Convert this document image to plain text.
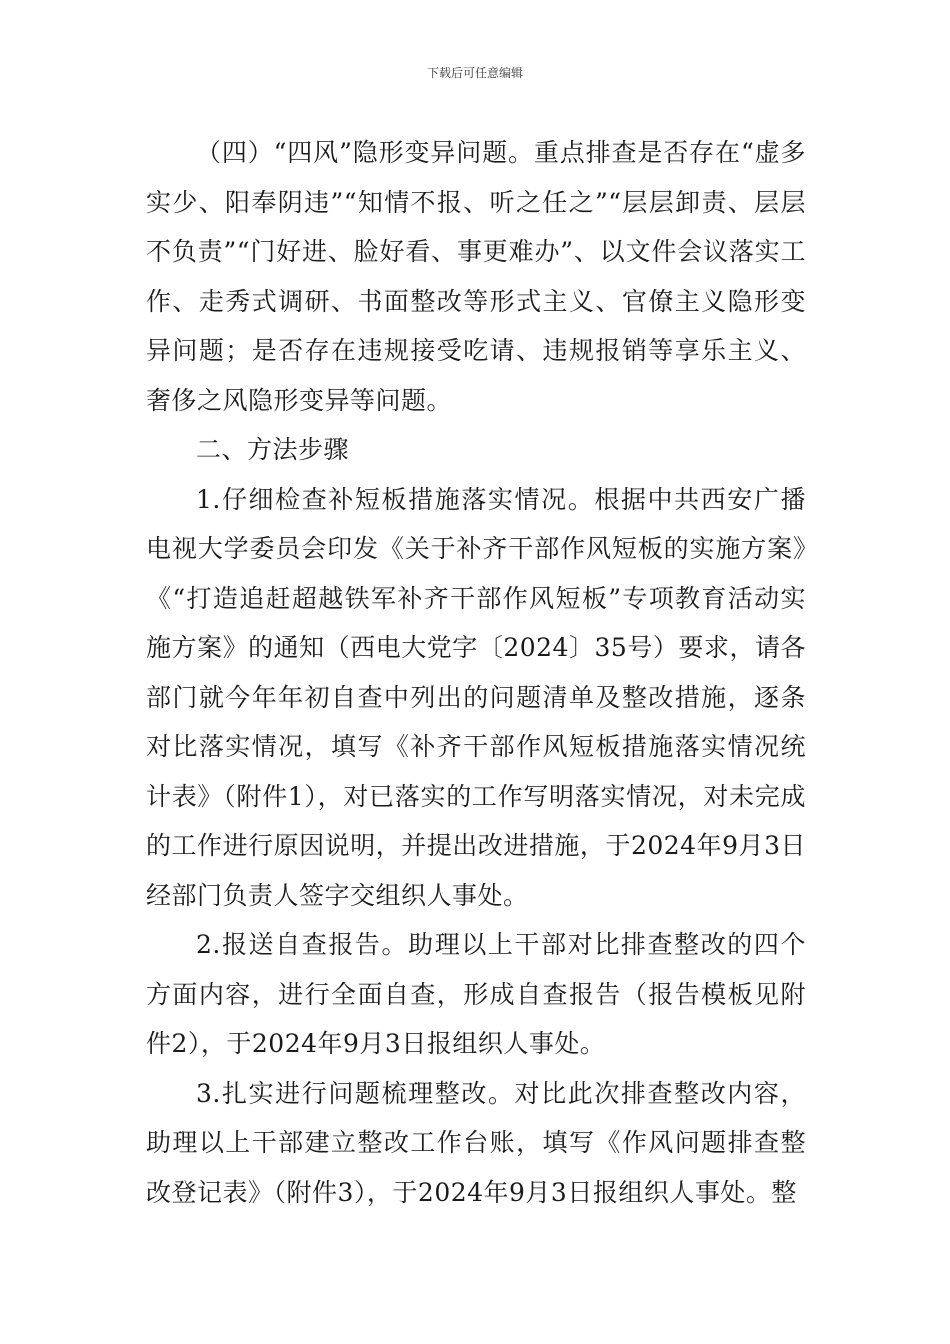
下载后可任意编辑

（四）“四风”隐形变异问题。重点排查是否存在“虚多实少、阳奉阴违”“知情不报、听之任之”“层层卸责、层层不负责”“门好进、脸好看、事更难办”、以文件会议落实工作、走秀式调研、书面整改等形式主义、官僚主义隐形变异问题；是否存在违规接受吃请、违规报销等享乐主义、奢侈之风隐形变异等问题。

二、方法步骤

1.仔细检查补短板措施落实情况。根据中共西安广播电视大学委员会印发《关于补齐干部作风短板的实施方案》《“打造追赶超越铁军补齐干部作风短板”专项教育活动实施方案》的通知（西电大党字〔2024〕35号）要求，请各部门就今年年初自查中列出的问题清单及整改措施，逐条对比落实情况，填写《补齐干部作风短板措施落实情况统计表》（附件1），对已落实的工作写明落实情况，对未完成的工作进行原因说明，并提出改进措施，于2024年9月3日经部门负责人签字交组织人事处。

2.报送自查报告。助理以上干部对比排查整改的四个方面内容，进行全面自查，形成自查报告（报告模板见附件2），于2024年9月3日报组织人事处。

3.扎实进行问题梳理整改。对比此次排查整改内容，助理以上干部建立整改工作台账，填写《作风问题排查整改登记表》（附件3），于2024年9月3日报组织人事处。整
